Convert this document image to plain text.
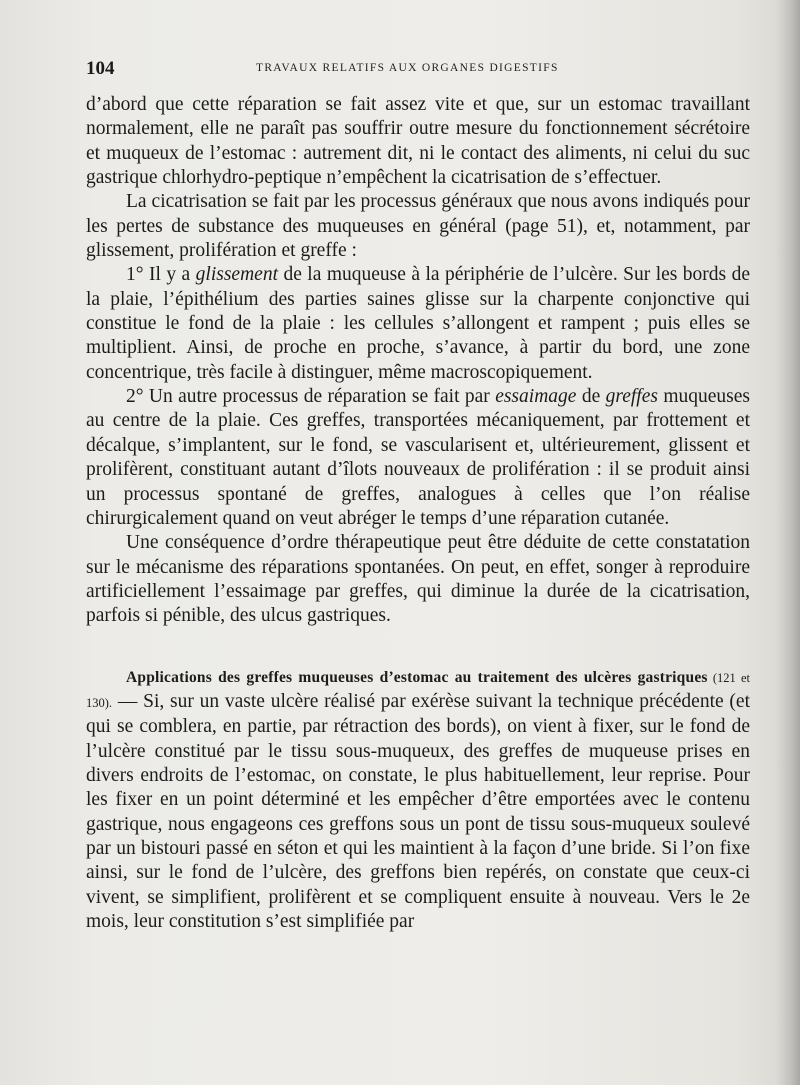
104	TRAVAUX RELATIFS AUX ORGANES DIGESTIFS

d’abord que cette réparation se fait assez vite et que, sur un estomac travaillant normalement, elle ne paraît pas souffrir outre mesure du fonctionnement sécrétoire et muqueux de l’estomac : autrement dit, ni le contact des aliments, ni celui du suc gastrique chlorhydro-peptique n’empêchent la cicatrisation de s’effectuer.

La cicatrisation se fait par les processus généraux que nous avons indiqués pour les pertes de substance des muqueuses en général (page 51), et, notamment, par glissement, prolifération et greffe :

1° Il y a glissement de la muqueuse à la périphérie de l’ulcère. Sur les bords de la plaie, l’épithélium des parties saines glisse sur la charpente conjonctive qui constitue le fond de la plaie : les cellules s’allongent et rampent ; puis elles se multiplient. Ainsi, de proche en proche, s’avance, à partir du bord, une zone concentrique, très facile à distinguer, même macroscopiquement.

2° Un autre processus de réparation se fait par essaimage de greffes muqueuses au centre de la plaie. Ces greffes, transportées mécaniquement, par frottement et décalque, s’implantent, sur le fond, se vascularisent et, ultérieurement, glissent et prolifèrent, constituant autant d’îlots nouveaux de prolifération : il se produit ainsi un processus spontané de greffes, analogues à celles que l’on réalise chirurgicalement quand on veut abréger le temps d’une réparation cutanée.

Une conséquence d’ordre thérapeutique peut être déduite de cette constatation sur le mécanisme des réparations spontanées. On peut, en effet, songer à reproduire artificiellement l’essaimage par greffes, qui diminue la durée de la cicatrisation, parfois si pénible, des ulcus gastriques.

Applications des greffes muqueuses d’estomac au traitement des ulcères gastriques (121 et 130). — Si, sur un vaste ulcère réalisé par exérèse suivant la technique précédente (et qui se comblera, en partie, par rétraction des bords), on vient à fixer, sur le fond de l’ulcère constitué par le tissu sous-muqueux, des greffes de muqueuse prises en divers endroits de l’estomac, on constate, le plus habituellement, leur reprise. Pour les fixer en un point déterminé et les empêcher d’être emportées avec le contenu gastrique, nous engageons ces greffons sous un pont de tissu sous-muqueux soulevé par un bistouri passé en séton et qui les maintient à la façon d’une bride. Si l’on fixe ainsi, sur le fond de l’ulcère, des greffons bien repérés, on constate que ceux-ci vivent, se simplifient, prolifèrent et se compliquent ensuite à nouveau. Vers le 2e mois, leur constitution s’est simplifiée par
